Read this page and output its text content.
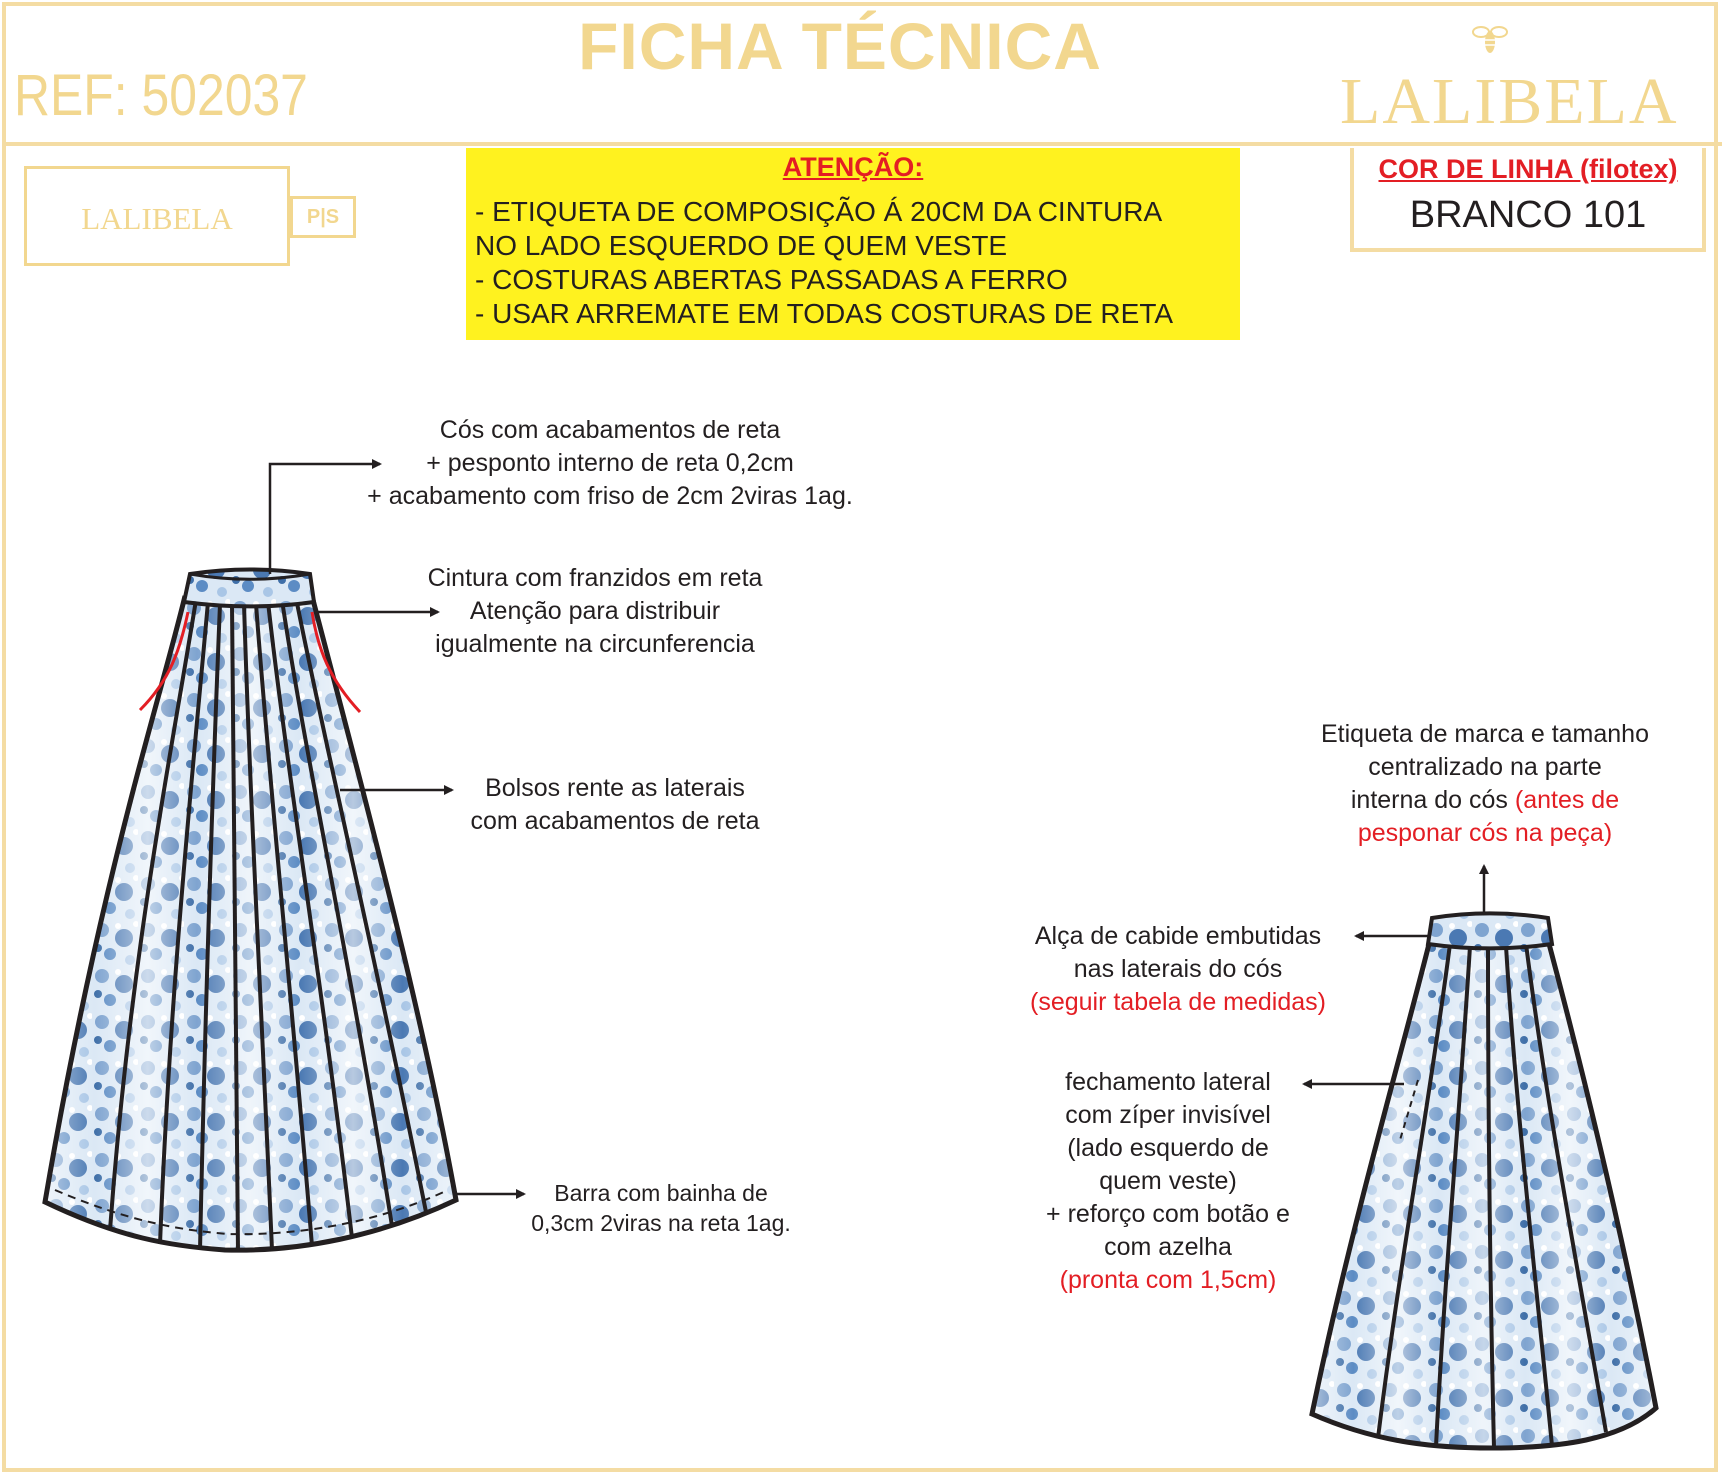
FICHA TÉCNICA
REF: 502037	LALIBELA
LALIBELA	P|S
ATENÇÃO:
- ETIQUETA DE COMPOSIÇÃO Á 20CM DA CINTURA
NO LADO ESQUERDO DE QUEM VESTE
- COSTURAS ABERTAS PASSADAS A FERRO
- USAR ARREMATE EM TODAS COSTURAS DE RETA
COR DE LINHA (filotex)
BRANCO 101
Cós com acabamentos de reta
+ pesponto interno de reta 0,2cm
+ acabamento com friso de 2cm 2viras 1ag.
Cintura com franzidos em reta
Atenção para distribuir
igualmente na circunferencia
Bolsos rente as laterais
com acabamentos de reta
Barra com bainha de
0,3cm 2viras na reta 1ag.
Etiqueta de marca e tamanho
centralizado na parte
interna do cós (antes de
pesponar cós na peça)
Alça de cabide embutidas
nas laterais do cós
(seguir tabela de medidas)
fechamento lateral
com zíper invisível
(lado esquerdo de
quem veste)
+ reforço com botão e
com azelha
(pronta com 1,5cm)
